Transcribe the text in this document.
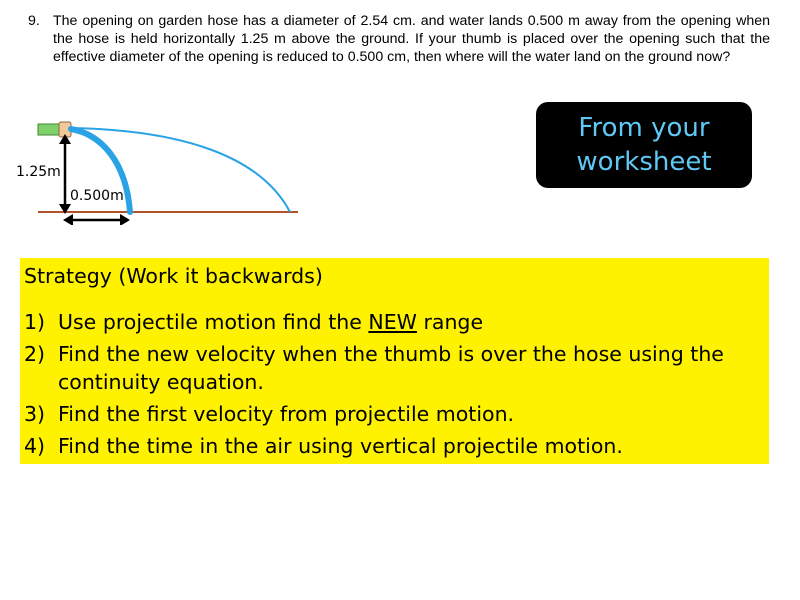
9. The opening on garden hose has a diameter of 2.54 cm. and water lands 0.500 m away from the opening when the hose is held horizontally 1.25 m above the ground. If your thumb is placed over the opening such that the effective diameter of the opening is reduced to 0.500 cm, then where will the water land on the ground now?
From your
worksheet
1.25m
0.500m
Strategy (Work it backwards)
1) Use projectile motion find the NEW range
2) Find the new velocity when the thumb is over the hose using the continuity equation.
3) Find the first velocity from projectile motion.
4) Find the time in the air using vertical projectile motion.
